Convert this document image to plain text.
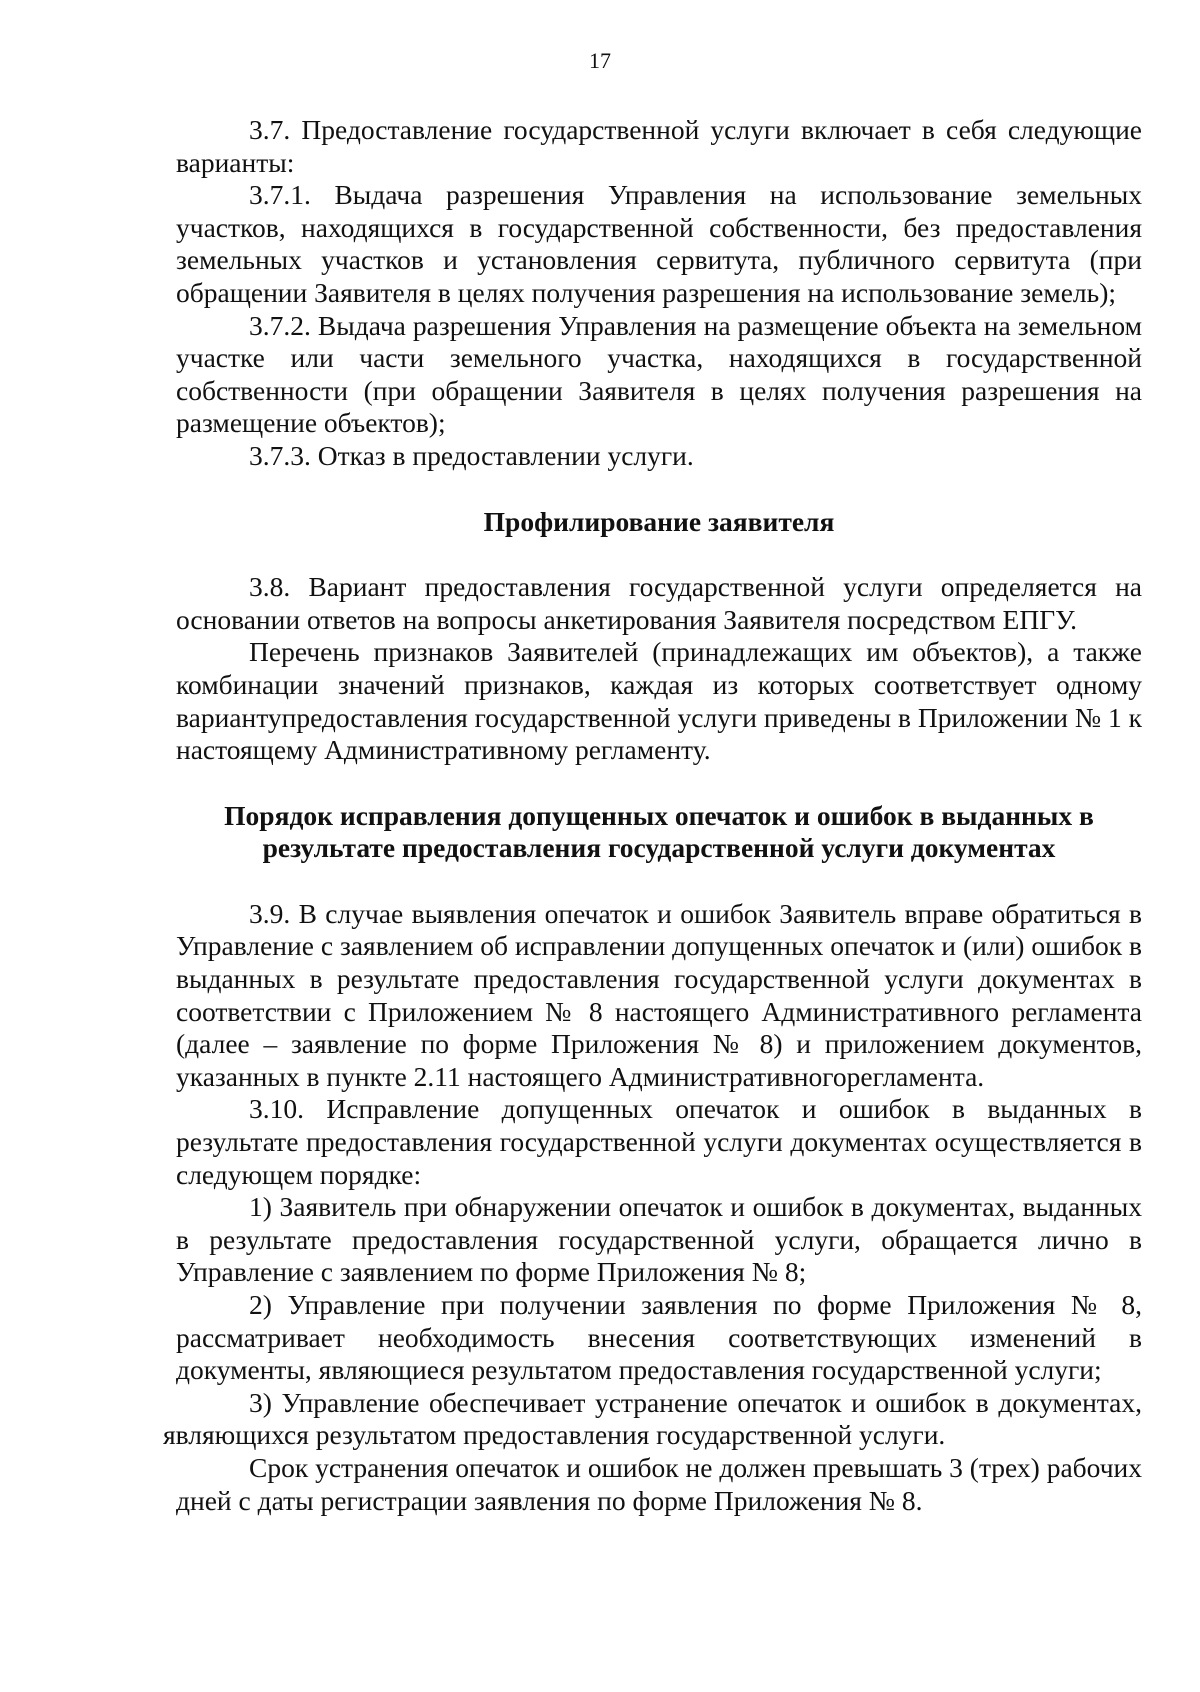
17

3.7. Предоставление государственной услуги включает в себя следующие варианты:

3.7.1. Выдача разрешения Управления на использование земельных участков, находящихся в государственной собственности, без предоставления земельных участков и установления сервитута, публичного сервитута (при обращении Заявителя в целях получения разрешения на использование земель);

3.7.2. Выдача разрешения Управления на размещение объекта на земельном участке или части земельного участка, находящихся в государственной собственности (при обращении Заявителя в целях получения разрешения на размещение объектов);

3.7.3. Отказ в предоставлении услуги.

Профилирование заявителя

3.8. Вариант предоставления государственной услуги определяется на основании ответов на вопросы анкетирования Заявителя посредством ЕПГУ.

Перечень признаков Заявителей (принадлежащих им объектов), а также комбинации значений признаков, каждая из которых соответствует одному вариантупредоставления государственной услуги приведены в Приложении № 1 к настоящему Административному регламенту.

Порядок исправления допущенных опечаток и ошибок в выданных в результате предоставления государственной услуги документах

3.9. В случае выявления опечаток и ошибок Заявитель вправе обратиться в Управление с заявлением об исправлении допущенных опечаток и (или) ошибок в выданных в результате предоставления государственной услуги документах в соответствии с Приложением № 8 настоящего Административного регламента (далее – заявление по форме Приложения № 8) и приложением документов, указанных в пункте 2.11 настоящего Административногорегламента.

3.10. Исправление допущенных опечаток и ошибок в выданных в результате предоставления государственной услуги документах осуществляется в следующем порядке:

1) Заявитель при обнаружении опечаток и ошибок в документах, выданных в результате предоставления государственной услуги, обращается лично в Управление с заявлением по форме Приложения № 8;

2) Управление при получении заявления по форме Приложения № 8, рассматривает необходимость внесения соответствующих изменений в документы, являющиеся результатом предоставления государственной услуги;

3) Управление обеспечивает устранение опечаток и ошибок в документах, являющихся результатом предоставления государственной услуги.

Срок устранения опечаток и ошибок не должен превышать 3 (трех) рабочих дней с даты регистрации заявления по форме Приложения № 8.
